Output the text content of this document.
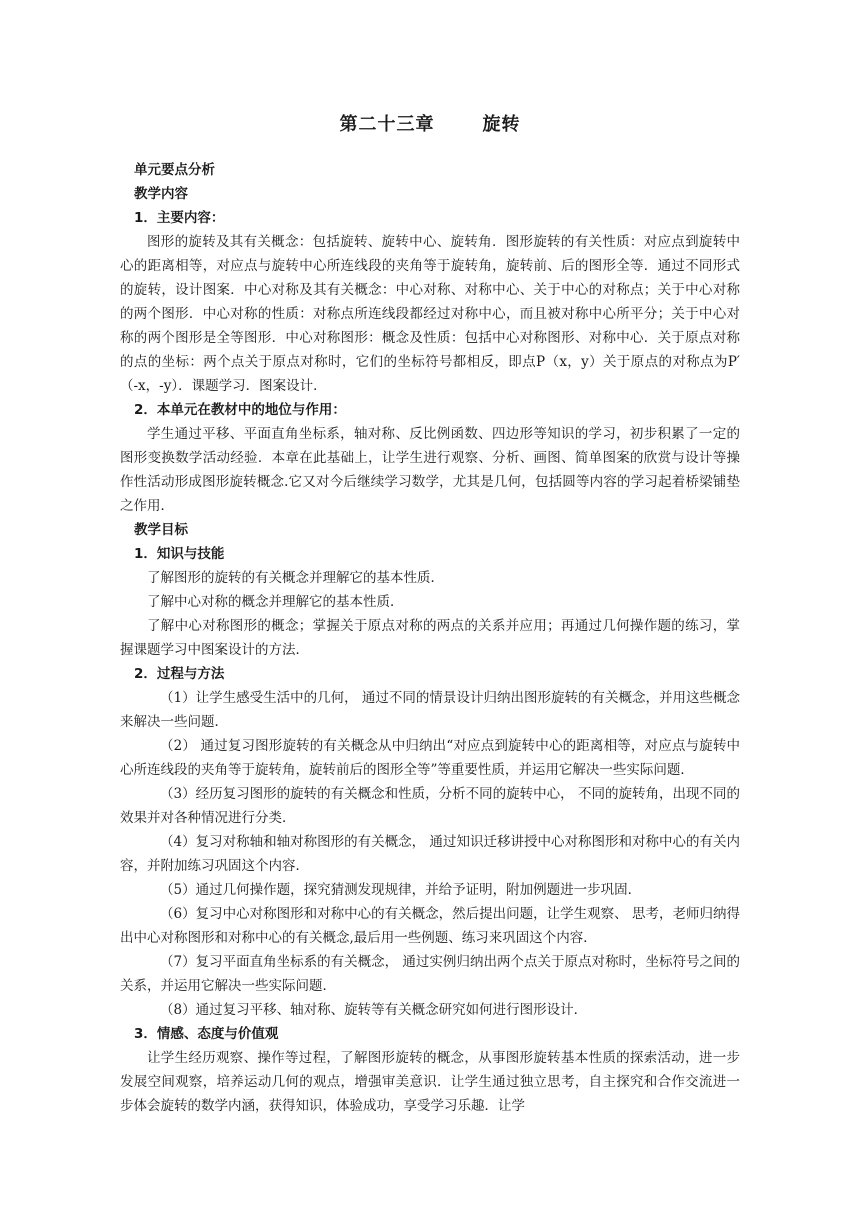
第二十三章	旋转

单元要点分析

教学内容

1．主要内容：

图形的旋转及其有关概念：包括旋转、旋转中心、旋转角．图形旋转的有关性质：对应点到旋转中心的距离相等，对应点与旋转中心所连线段的夹角等于旋转角，旋转前、后的图形全等．通过不同形式的旋转，设计图案．中心对称及其有关概念：中心对称、对称中心、关于中心的对称点；关于中心对称的两个图形．中心对称的性质：对称点所连线段都经过对称中心，而且被对称中心所平分；关于中心对称的两个图形是全等图形．中心对称图形：概念及性质：包括中心对称图形、对称中心．关于原点对称的点的坐标：两个点关于原点对称时，它们的坐标符号都相反，即点P（x，y）关于原点的对称点为P′（-x，-y）．课题学习．图案设计．

2．本单元在教材中的地位与作用：

学生通过平移、平面直角坐标系，轴对称、反比例函数、四边形等知识的学习，初步积累了一定的图形变换数学活动经验．本章在此基础上，让学生进行观察、分析、画图、简单图案的欣赏与设计等操作性活动形成图形旋转概念.它又对今后继续学习数学，尤其是几何，包括圆等内容的学习起着桥梁铺垫之作用．

教学目标

1．知识与技能

了解图形的旋转的有关概念并理解它的基本性质．

了解中心对称的概念并理解它的基本性质．

了解中心对称图形的概念；掌握关于原点对称的两点的关系并应用；再通过几何操作题的练习，掌握课题学习中图案设计的方法．

2．过程与方法

（1）让学生感受生活中的几何， 通过不同的情景设计归纳出图形旋转的有关概念，并用这些概念来解决一些问题．

（2） 通过复习图形旋转的有关概念从中归纳出“对应点到旋转中心的距离相等，对应点与旋转中心所连线段的夹角等于旋转角，旋转前后的图形全等”等重要性质，并运用它解决一些实际问题．

（3）经历复习图形的旋转的有关概念和性质，分析不同的旋转中心， 不同的旋转角，出现不同的效果并对各种情况进行分类．

（4）复习对称轴和轴对称图形的有关概念， 通过知识迁移讲授中心对称图形和对称中心的有关内容，并附加练习巩固这个内容．

（5）通过几何操作题，探究猜测发现规律，并给予证明，附加例题进一步巩固．

（6）复习中心对称图形和对称中心的有关概念，然后提出问题，让学生观察、 思考，老师归纳得出中心对称图形和对称中心的有关概念,最后用一些例题、练习来巩固这个内容．

（7）复习平面直角坐标系的有关概念， 通过实例归纳出两个点关于原点对称时，坐标符号之间的关系，并运用它解决一些实际问题．

（8）通过复习平移、轴对称、旋转等有关概念研究如何进行图形设计．

3．情感、态度与价值观

让学生经历观察、操作等过程，了解图形旋转的概念，从事图形旋转基本性质的探索活动，进一步发展空间观察，培养运动几何的观点，增强审美意识．让学生通过独立思考，自主探究和合作交流进一步体会旋转的数学内涵，获得知识，体验成功，享受学习乐趣．让学
